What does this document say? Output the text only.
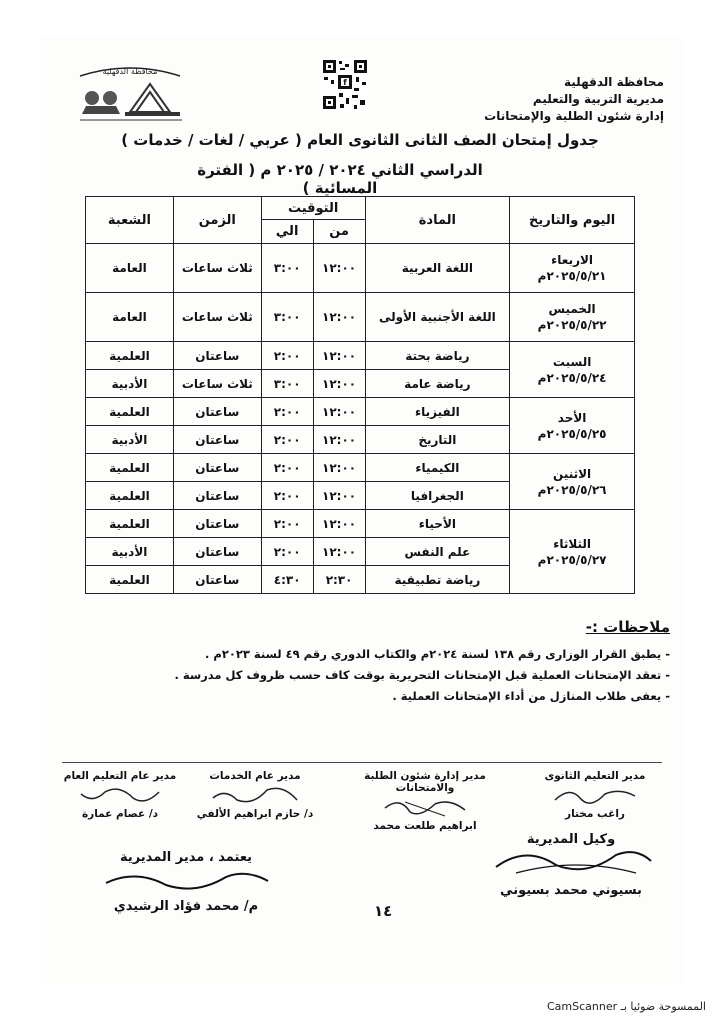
محافظة الدقهلية
مديرية التربية والتعليم
إدارة شئون الطلبة والإمتحانات
f
محافظة الدقهلية
جدول إمتحان الصف الثانى الثانوى العام ( عربي / لغات / خدمات )
الدراسي الثاني ٢٠٢٤ / ٢٠٢٥ م ( الفترة المسائية )
اليوم والتاريخ	المادة	التوقيت		الزمن	الشعبة
		من	الي		

الاربعاء
٢٠٢٥/٥/٢١م	اللغة العربية	١٢:٠٠	٣:٠٠	ثلاث ساعات	العامة

الخميس
٢٠٢٥/٥/٢٢م	اللغة الأجنبية الأولى	١٢:٠٠	٣:٠٠	ثلاث ساعات	العامة

السبت
٢٠٢٥/٥/٢٤م	رياضة بحتة	١٢:٠٠	٢:٠٠	ساعتان	العلمية
	رياضة عامة	١٢:٠٠	٣:٠٠	ثلاث ساعات	الأدبية

الأحد
٢٠٢٥/٥/٢٥م	الفيزياء	١٢:٠٠	٢:٠٠	ساعتان	العلمية
	التاريخ	١٢:٠٠	٢:٠٠	ساعتان	الأدبية

الاثنين
٢٠٢٥/٥/٢٦م	الكيمياء	١٢:٠٠	٢:٠٠	ساعتان	العلمية
	الجغرافيا	١٢:٠٠	٢:٠٠	ساعتان	العلمية

الثلاثاء
٢٠٢٥/٥/٢٧م	الأحياء	١٢:٠٠	٢:٠٠	ساعتان	العلمية
	علم النفس	١٢:٠٠	٢:٠٠	ساعتان	الأدبية
	رياضة تطبيقية	٢:٣٠	٤:٣٠	ساعتان	العلمية
ملاحظات :-
- يطبق القرار الوزارى رقم ١٣٨ لسنة ٢٠٢٤م والكتاب الدوري رقم ٤٩ لسنة ٢٠٢٣م .
- تعقد الإمتحانات العملية قبل الإمتحانات التحريرية بوقت كاف حسب ظروف كل مدرسة .
- يعفى طلاب المنازل من أداء الإمتحانات العملية .
مدير التعليم الثانوى
راغب مختار
مدير إدارة شئون الطلبة والامتحانات
ابراهيم طلعت محمد
مدير عام الخدمات
د/ حازم ابراهيم الألفي
مدير عام التعليم العام
د/ عصام عمارة
وكيل المديرية
بسيوني محمد بسيوني
يعتمد ، مدير المديرية
م/ محمد فؤاد الرشيدي	١٤
الممسوحة ضوئيا بـ CamScanner
